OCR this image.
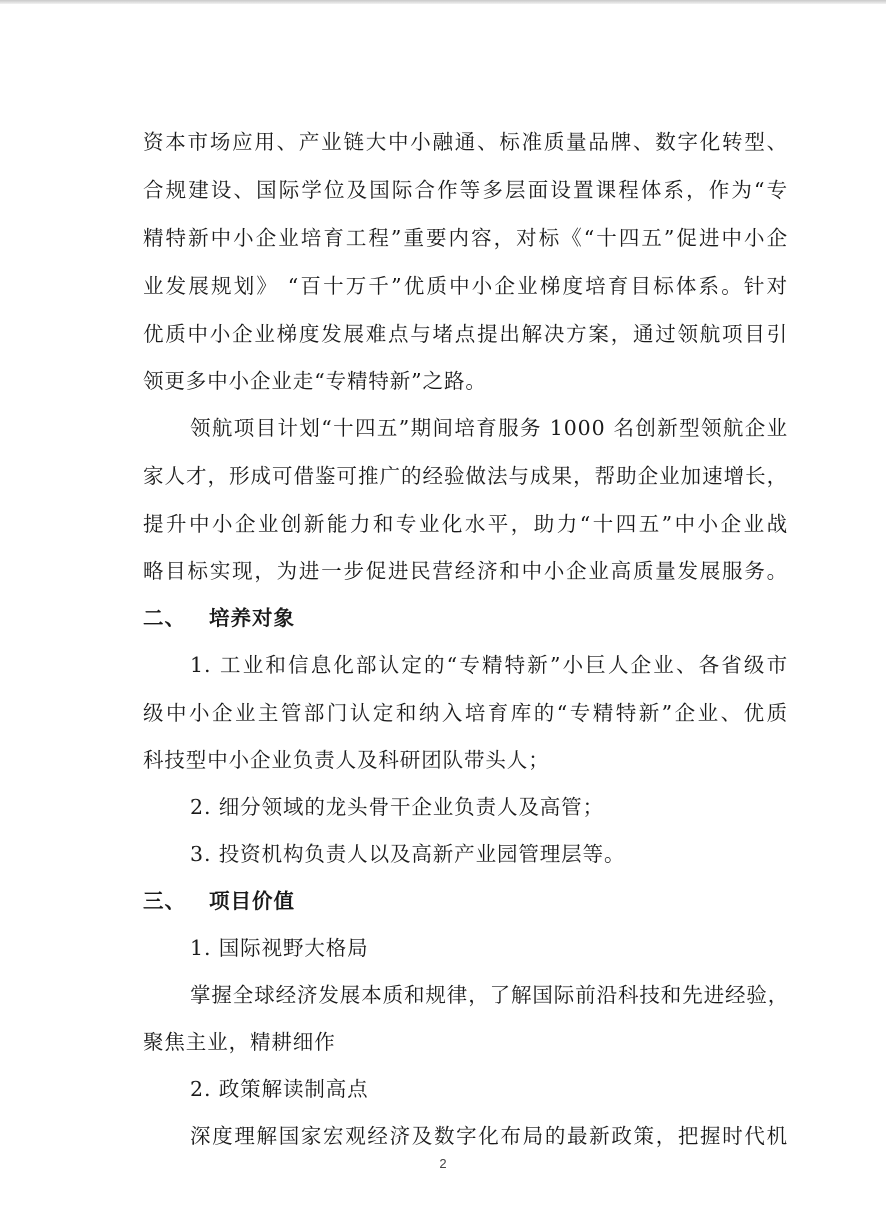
资本市场应用、产业链大中小融通、标准质量品牌、数字化转型、
合规建设、国际学位及国际合作等多层面设置课程体系，作为“专
精特新中小企业培育工程”重要内容，对标《“十四五”促进中小企
业发展规划》 “百十万千”优质中小企业梯度培育目标体系。针对
优质中小企业梯度发展难点与堵点提出解决方案，通过领航项目引
领更多中小企业走“专精特新”之路。
领航项目计划“十四五”期间培育服务 1000 名创新型领航企业
家人才，形成可借鉴可推广的经验做法与成果，帮助企业加速增长，
提升中小企业创新能力和专业化水平，助力“十四五”中小企业战
略目标实现，为进一步促进民营经济和中小企业高质量发展服务。
二、 培养对象
1. 工业和信息化部认定的“专精特新”小巨人企业、各省级市
级中小企业主管部门认定和纳入培育库的“专精特新”企业、优质
科技型中小企业负责人及科研团队带头人；
2. 细分领域的龙头骨干企业负责人及高管；
3. 投资机构负责人以及高新产业园管理层等。
三、 项目价值
1. 国际视野大格局
掌握全球经济发展本质和规律，了解国际前沿科技和先进经验，
聚焦主业，精耕细作
2. 政策解读制高点
深度理解国家宏观经济及数字化布局的最新政策，把握时代机
2
